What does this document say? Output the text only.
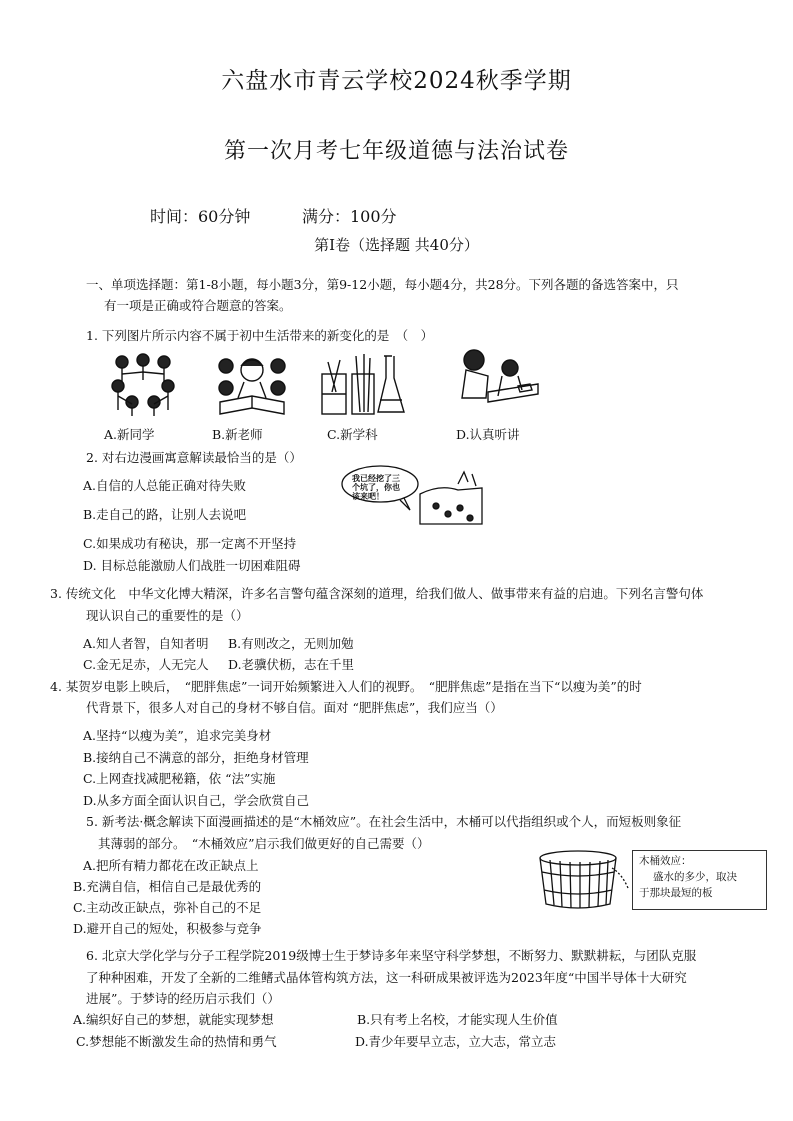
六盘水市青云学校2024秋季学期
第一次月考七年级道德与法治试卷
时间：60分钟	满分：100分
第Ⅰ卷（选择题 共40分）
一、单项选择题：第1-8小题，每小题3分，第9-12小题，每小题4分，共28分。下列各题的备选答案中，只
有一项是正确或符合题意的答案。
1. 下列图片所示内容不属于初中生活带来的新变化的是　（　）
A.新同学	B.新老师	C.新学科	D.认真听讲
2. 对右边漫画寓意解读最恰当的是（）
A.自信的人总能正确对待失败
B.走自己的路，让别人去说吧
C.如果成功有秘诀，那一定离不开坚持
D. 目标总能激励人们战胜一切困难阻碍
我已经挖了三
个坑了，你也
该来吧！
3. 传统文化　中华文化博大精深，许多名言警句蕴含深刻的道理，给我们做人、做事带来有益的启迪。下列名言警句体
现认识自己的重要性的是（）
A.知人者智，自知者明 B.有则改之，无则加勉
C.金无足赤，人无完人 D.老骥伏枥，志在千里
4. 某贺岁电影上映后，　“肥胖焦虑”一词开始频繁进入人们的视野。　“肥胖焦虑”是指在当下“以瘦为美”的时
代背景下，很多人对自己的身材不够自信。面对 “肥胖焦虑”，我们应当（）
A.坚持“以瘦为美”，追求完美身材
B.接纳自己不满意的部分，拒绝身材管理
C.上网查找减肥秘籍，依 “法”实施
D.从多方面全面认识自己，学会欣赏自己
5. 新考法·概念解读下面漫画描述的是“木桶效应”。在社会生活中，木桶可以代指组织或个人，而短板则象征
其薄弱的部分。　“木桶效应”启示我们做更好的自己需要（）
A.把所有精力都花在改正缺点上
B.充满自信，相信自己是最优秀的
C.主动改正缺点，弥补自己的不足
D.避开自己的短处，积极参与竞争
木桶效应：
盛水的多少，取决
于那块最短的板
6. 北京大学化学与分子工程学院2019级博士生于梦诗多年来坚守科学梦想，不断努力、默默耕耘，与团队克服
了种种困难，开发了全新的二维鳍式晶体管构筑方法，这一科研成果被评选为2023年度“中国半导体十大研究
进展”。于梦诗的经历启示我们（）
A.编织好自己的梦想，就能实现梦想	B.只有考上名校，才能实现人生价值
C.梦想能不断激发生命的热情和勇气	D.青少年要早立志，立大志，常立志
